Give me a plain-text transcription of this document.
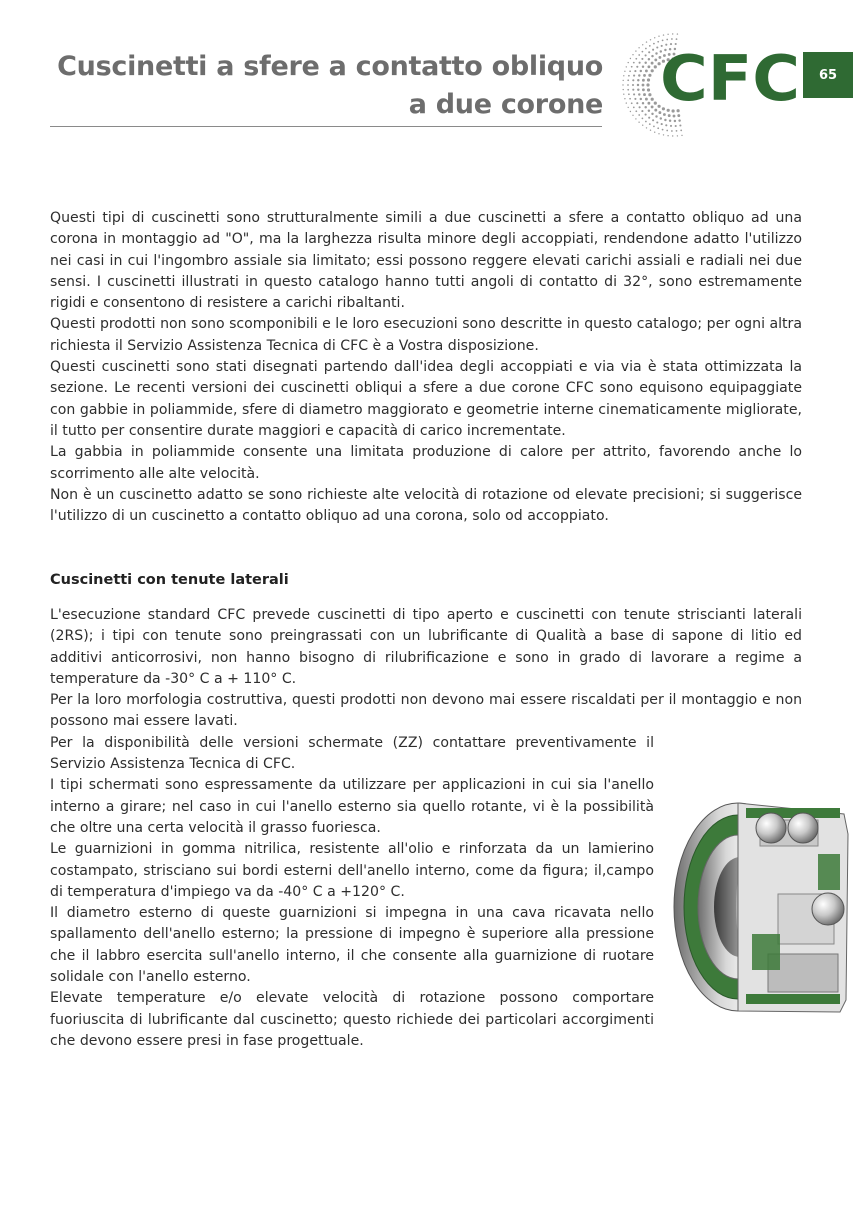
Cuscinetti a sfere a contatto obliquo
a due corone CFC 65

Questi tipi di cuscinetti sono strutturalmente simili a due cuscinetti a sfere a contatto obliquo ad una corona in montaggio ad "O", ma la larghezza risulta minore degli accoppiati, rendendone adatto l'utilizzo nei casi in cui l'ingombro assiale sia limitato; essi possono reggere elevati carichi assiali e radiali nei due sensi. I cuscinetti illustrati in questo catalogo hanno tutti angoli di contatto di 32°, sono estremamente rigidi e consentono di resistere a carichi ribaltanti.

Questi prodotti non sono scomponibili e le loro esecuzioni sono descritte in questo catalogo; per ogni altra richiesta il Servizio Assistenza Tecnica di CFC è a Vostra disposizione.

Questi cuscinetti sono stati disegnati partendo dall'idea degli accoppiati e via via è stata ottimizzata la sezione. Le recenti versioni dei cuscinetti obliqui a sfere a due corone CFC sono equisono equipaggiate con gabbie in poliammide, sfere di diametro maggiorato e geometrie interne cinematicamente migliorate, il tutto per consentire durate maggiori e capacità di carico incrementate.

La gabbia in poliammide consente una limitata produzione di calore per attrito, favorendo anche lo scorrimento alle alte velocità.

Non è un cuscinetto adatto se sono richieste alte velocità di rotazione od elevate precisioni; si suggerisce l'utilizzo di un cuscinetto a contatto obliquo ad una corona, solo od accoppiato.

Cuscinetti con tenute laterali

L'esecuzione standard CFC prevede cuscinetti di tipo aperto e cuscinetti con tenute striscianti laterali (2RS); i tipi con tenute sono preingrassati con un lubrificante di Qualità a base di sapone di litio ed additivi anticorrosivi, non hanno bisogno di rilubrificazione e sono in grado di lavorare a regime a temperature da -30° C a + 110° C.

Per la loro morfologia costruttiva, questi prodotti non devono mai essere riscaldati per il montaggio e non possono mai essere lavati.

Per la disponibilità delle versioni schermate (ZZ) contattare preventivamente il Servizio Assistenza Tecnica di CFC.

I tipi schermati sono espressamente da utilizzare per applicazioni in cui sia l'anello interno a girare; nel caso in cui l'anello esterno sia quello rotante, vi è la possibilità che oltre una certa velocità il grasso fuoriesca.

Le guarnizioni in gomma nitrilica, resistente all'olio e rinforzata da un lamierino costampato, strisciano sui bordi esterni dell'anello interno, come da figura; il,campo di temperatura d'impiego va da -40° C a +120° C.

Il diametro esterno di queste guarnizioni si impegna in una cava ricavata nello spallamento dell'anello esterno; la pressione di impegno è superiore alla pressione che il labbro esercita sull'anello interno, il che consente alla guarnizione di ruotare solidale con l'anello esterno.

Elevate temperature e/o elevate velocità di rotazione possono comportare fuoriuscita di lubrificante dal cuscinetto; questo richiede dei particolari accorgimenti che devono essere presi in fase progettuale.
